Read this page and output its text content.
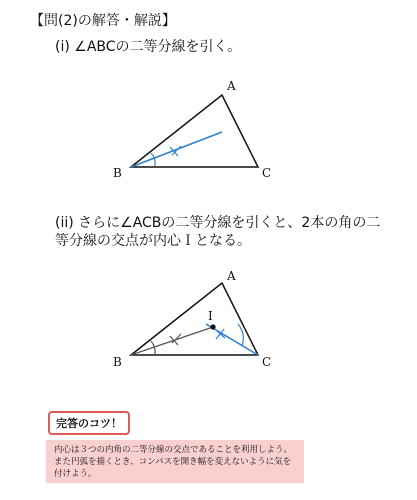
【問(2)の解答・解説】
(i) ∠ABCの二等分線を引く。
A
B	C
(ii) さらに∠ACBの二等分線を引くと、2本の角の二等分線の交点が内心Ｉとなる。
I
A
B	C
完答のコツ！
内心は３つの内角の二等分線の交点であることを利用しよう。また円弧を描くとき、コンパスを開き幅を変えないように気を付けよう。
